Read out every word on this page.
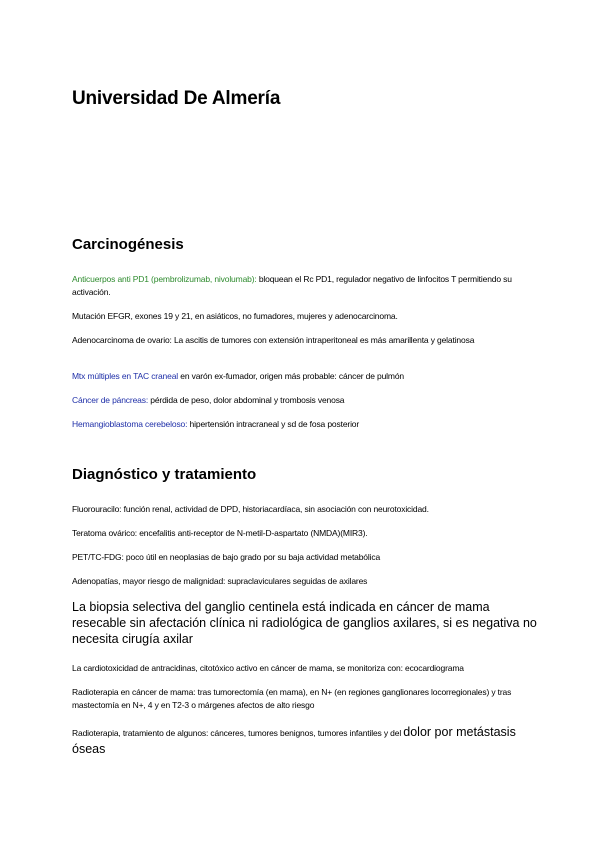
Universidad De Almería
Carcinogénesis

Anticuerpos anti PD1 (pembrolizumab, nivolumab): bloquean el Rc PD1, regulador negativo de linfocitos T permitiendo su activación.

Mutación EFGR, exones 19 y 21, en asiáticos, no fumadores, mujeres y adenocarcinoma.

Adenocarcinoma de ovario: La ascitis de tumores con extensión intraperitoneal es más amarillenta y gelatinosa

Mtx múltiples en TAC craneal en varón ex-fumador, origen más probable: cáncer de pulmón

Cáncer de páncreas: pérdida de peso, dolor abdominal y trombosis venosa

Hemangioblastoma cerebeloso: hipertensión intracraneal y sd de fosa posterior

Diagnóstico y tratamiento

Fluorouracilo: función renal, actividad de DPD, historiacardíaca, sin asociación con neurotoxicidad.

Teratoma ovárico: encefalitis anti-receptor de N-metil-D-aspartato (NMDA)(MIR3).

PET/TC-FDG: poco útil en neoplasias de bajo grado por su baja actividad metabólica

Adenopatías, mayor riesgo de malignidad: supraclaviculares seguidas de axilares

La biopsia selectiva del ganglio centinela está indicada en cáncer de mama resecable sin afectación clínica ni radiológica de ganglios axilares, si es negativa no necesita cirugía axilar

La cardiotoxicidad de antracidinas, citotóxico activo en cáncer de mama, se monitoriza con: ecocardiograma

Radioterapia en cáncer de mama: tras tumorectomía (en mama), en N+ (en regiones ganglionares locorregionales) y tras mastectomía en N+, 4 y en T2-3 o márgenes afectos de alto riesgo

Radioterapia, tratamiento de algunos: cánceres, tumores benignos, tumores infantiles y del dolor por metástasis óseas
